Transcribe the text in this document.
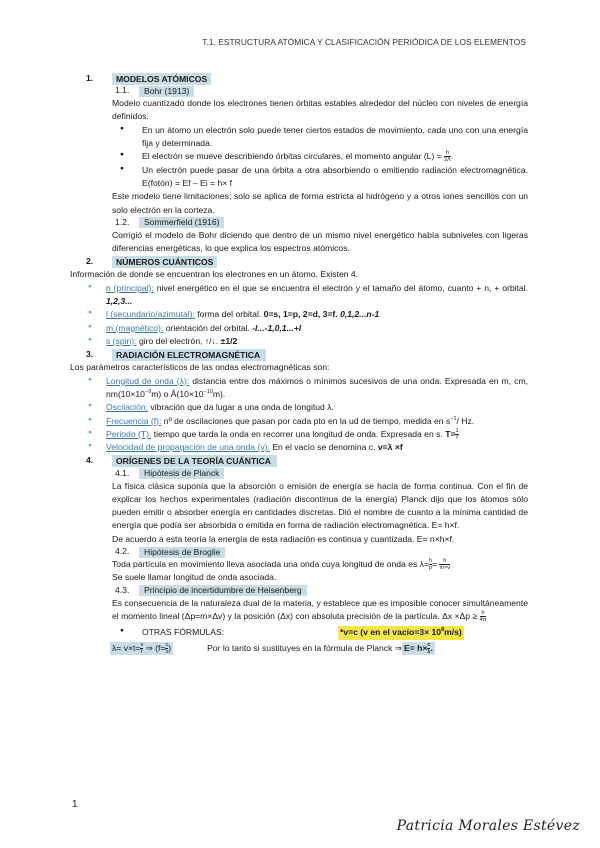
T.1. ESTRUCTURA ATÓMICA Y CLASIFICACIÓN PERIÓDICA DE LOS ELEMENTOS
1.	MODELOS ATÓMICOS
1.1.	Bohr (1913)

Modelo cuantizado donde los electrones tienen órbitas estables alrededor del núcleo con niveles de energía definidos.

● En un átomo un electrón solo puede tener ciertos estados de movimiento, cada uno con una energía fija y determinada.
● El electrón se mueve describiendo órbitas circulares, el momento angular $(L) = \frac{h}{2\Lambda}$ .
● Un electrón puede pasar de una órbita a otra absorbiendo o emitiendo radiación electromagnética. E(fotón) = Ef – Ei = h× f

Este modelo tiene limitaciones; solo se aplica de forma estricta al hidrógeno y a otros iones sencillos con un solo electrón en la corteza.

1.2.	Sommerfield (1916)

Corrigió el modelo de Bohr diciendo que dentro de un mismo nivel energético había subniveles con ligeras diferencias energéticas, lo que explica los espectros atómicos.

2.	NÚMEROS CUÁNTICOS

Información de donde se encuentran los electrones en un átomo. Existen 4.

● n (principal): nivel energético en el que se encuentra el electrón y el tamaño del átomo, cuanto + n, + orbital. 1,2,3...
● l (secundario/azimutal): forma del orbital. 0=s, 1=p, 2=d, 3=f. 0,1,2...n-1
● m (magnético): orientación del orbital. -l...-1,0,1...+l
● s (spin): giro del electrón, ↑/↓. ±1/2
3.	RADIACIÓN ELECTROMAGNÉTICA

Los parámetros característicos de las ondas electromagnéticas son:

● Longitud de onda (λ): distancia entre dos máximos o mínimos sucesivos de una onda. Expresada en m, cm, $nm(10\times 10^{-9}m)$ o $Å(10\times 10^{-10}m)$.
● Oscilación: vibración que da lugar a una onda de longitud λ.
● Frecuencia (f): nº de oscilaciones que pasan por cada pto en la ud de tiempo, medida en $s^{-1}/$ Hz.
● Periodo (T): tiempo que tarda la onda en recorrer una longitud de onda. Expresada en s. $T= \frac{1}{f}$
● Velocidad de propagación de una onda (v): En el vacío se denomina c. v=λ ×f
4.	ORÍGENES DE LA TEORÍA CUÁNTICA
4.1.	Hipótesis de Planck

La física clásica suponía que la absorción o emisión de energía se hacía de forma continua. Con el fin de explicar los hechos experimentales (radiación discontinua de la energía) Planck dijo que los átomos sólo pueden emitir o absorber energía en cantidades discretas. Dió el nombre de cuanto a la mínima cantidad de energía que podía ser absorbida o emitida en forma de radiación electromagnética. E= h×f.

De acuerdo a esta teoría la energía de esta radiación es continua y cuantizada. E= n×h×f.

4.2.	Hipótesis de Broglie

Toda partícula en movimiento lleva asociada una onda cuya longitud de onda es $\lambda= \frac{h}{p} = \frac{h}{m\times v}$

Se suele llamar longitud de onda asociada.

4.3.	Principio de incertidumbre de Heisenberg

Es consecuencia de la naturaleza dual de la materia, y establece que es imposible conocer simultáneamente el momento lineal (Δp=m×Δv) y la posición (Δx) con absoluta precisión de la partícula. $\Delta x \times\Delta p \ge \frac{h}{4\pi}$

● OTRAS FÓRMULAS:	*v=c (v en el vacío=3× $10^8m/s$)
$\lambda= v\times t= \frac{v}{f}$ ⇒ ($f= \frac{c}{\lambda}$ )	Por lo tanto si sustituyes en la fórmula de Planck ⇒ $E= h\times \frac{c}{\lambda}$ .
1
Patricia Morales Estévez
